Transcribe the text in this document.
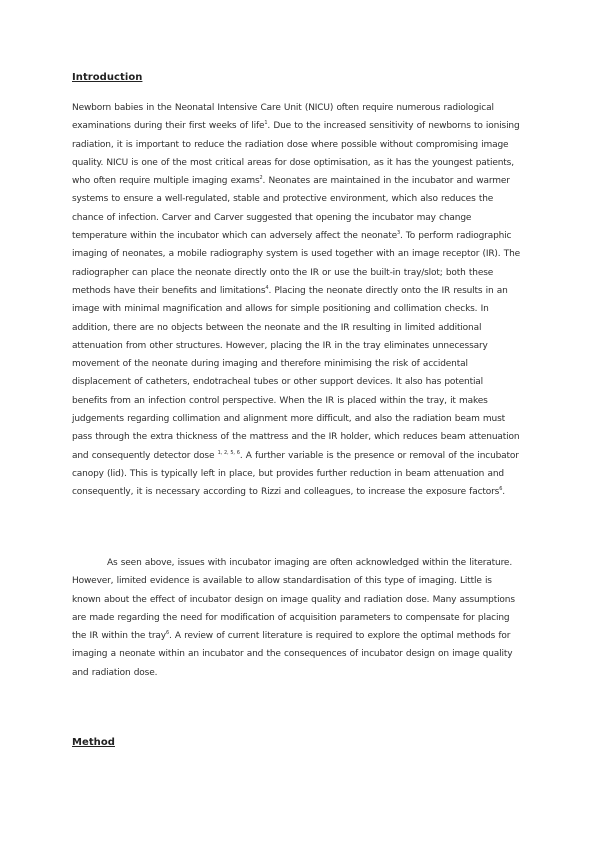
Introduction
Newborn babies in the Neonatal Intensive Care Unit (NICU) often require numerous radiological
examinations during their first weeks of life$^1$. Due to the increased sensitivity of newborns to ionising
radiation, it is important to reduce the radiation dose where possible without compromising image
quality. NICU is one of the most critical areas for dose optimisation, as it has the youngest patients,
who often require multiple imaging exams$^2$. Neonates are maintained in the incubator and warmer
systems to ensure a well-regulated, stable and protective environment, which also reduces the
chance of infection. Carver and Carver suggested that opening the incubator may change
temperature within the incubator which can adversely affect the neonate$^3$. To perform radiographic
imaging of neonates, a mobile radiography system is used together with an image receptor (IR). The
radiographer can place the neonate directly onto the IR or use the built-in tray/slot; both these
methods have their benefits and limitations$^4$. Placing the neonate directly onto the IR results in an
image with minimal magnification and allows for simple positioning and collimation checks. In
addition, there are no objects between the neonate and the IR resulting in limited additional
attenuation from other structures. However, placing the IR in the tray eliminates unnecessary
movement of the neonate during imaging and therefore minimising the risk of accidental
displacement of catheters, endotracheal tubes or other support devices. It also has potential
benefits from an infection control perspective. When the IR is placed within the tray, it makes
judgements regarding collimation and alignment more difficult, and also the radiation beam must
pass through the extra thickness of the mattress and the IR holder, which reduces beam attenuation
and consequently detector dose $^{1, 2, 5, 6}$. A further variable is the presence or removal of the incubator
canopy (lid). This is typically left in place, but provides further reduction in beam attenuation and
consequently, it is necessary according to Rizzi and colleagues, to increase the exposure factors$^6$.
As seen above, issues with incubator imaging are often acknowledged within the literature.
However, limited evidence is available to allow standardisation of this type of imaging. Little is
known about the effect of incubator design on image quality and radiation dose. Many assumptions
are made regarding the need for modification of acquisition parameters to compensate for placing
the IR within the tray$^6$. A review of current literature is required to explore the optimal methods for
imaging a neonate within an incubator and the consequences of incubator design on image quality
and radiation dose.
Method
